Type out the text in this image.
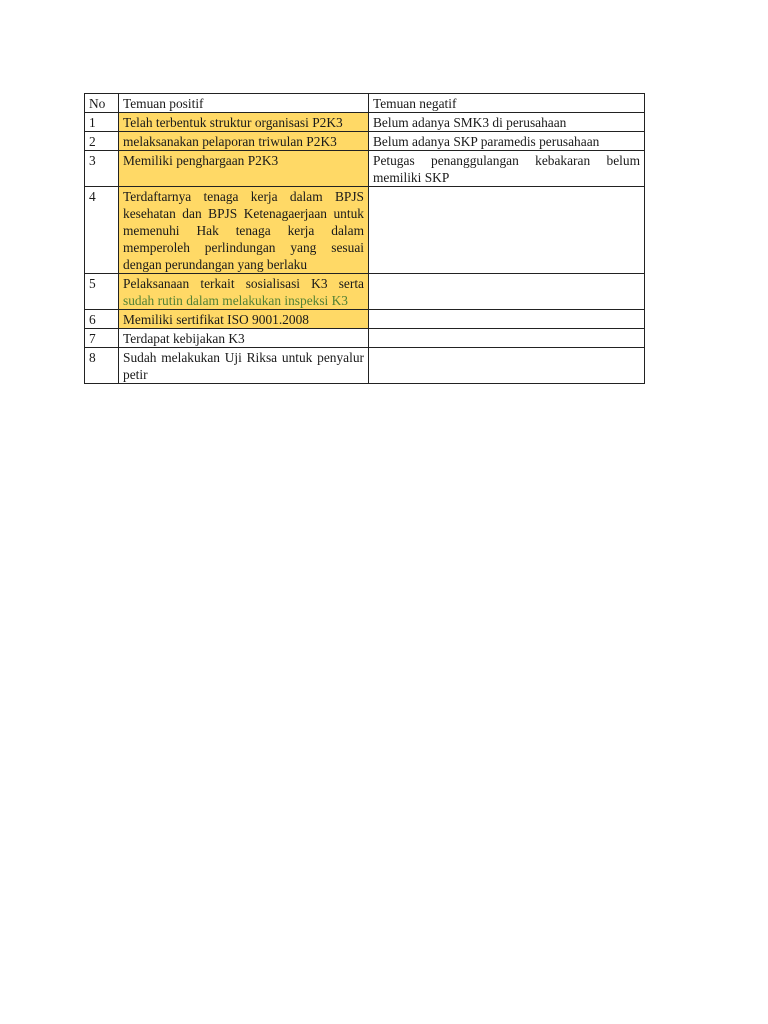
No	Temuan positif	Temuan negatif
1	Telah terbentuk struktur organisasi P2K3	Belum adanya SMK3 di perusahaan
2	melaksanakan pelaporan triwulan P2K3	Belum adanya SKP paramedis perusahaan
3	Memiliki penghargaan P2K3	Petugas penanggulangan kebakaran belum memiliki SKP
4	Terdaftarnya tenaga kerja dalam BPJS kesehatan dan BPJS Ketenagaerjaan untuk memenuhi Hak tenaga kerja dalam memperoleh perlindungan yang sesuai dengan perundangan yang berlaku	
5	Pelaksanaan terkait sosialisasi K3 serta sudah rutin dalam melakukan inspeksi K3	
6	Memiliki sertifikat ISO 9001.2008	
7	Terdapat kebijakan K3	
8	Sudah melakukan Uji Riksa untuk penyalur petir	
